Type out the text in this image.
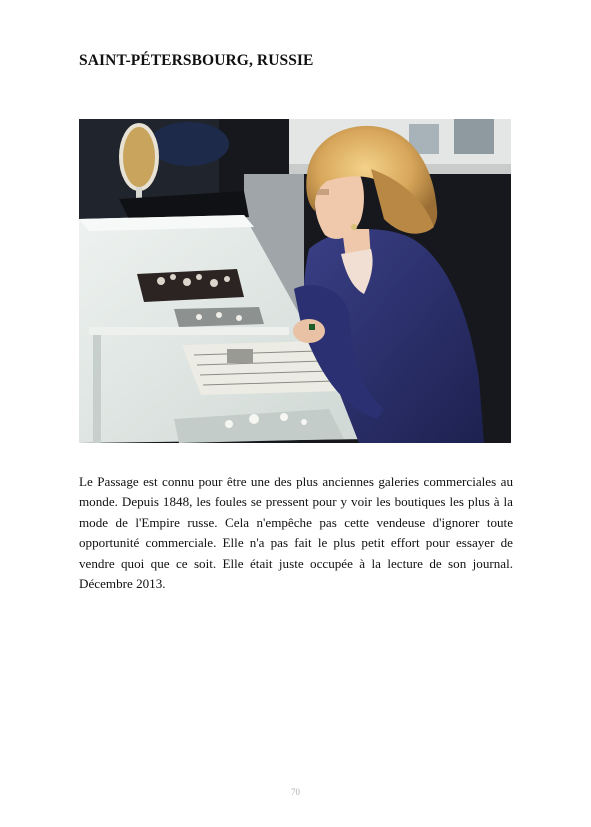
SAINT-PÉTERSBOURG, RUSSIE

Le Passage est connu pour être une des plus anciennes galeries commerciales au monde. Depuis 1848, les foules se pressent pour y voir les boutiques les plus à la mode de l'Empire russe. Cela n'empêche pas cette vendeuse d'ignorer toute opportunité commerciale. Elle n'a pas fait le plus petit effort pour essayer de vendre quoi que ce soit. Elle était juste occupée à la lecture de son journal. Décembre 2013.

70
